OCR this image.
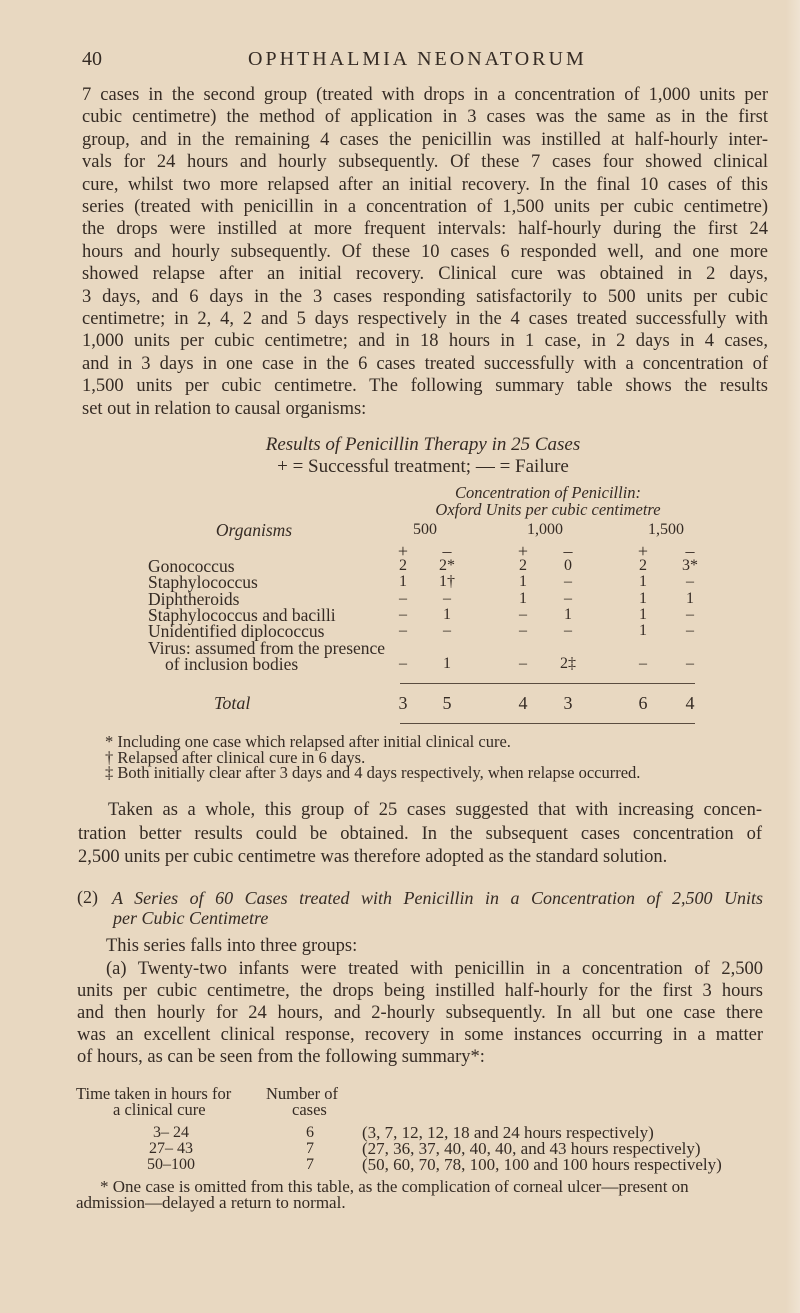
40	OPHTHALMIA NEONATORUM
7 cases in the second group (treated with drops in a concentration of 1,000 units per
cubic centimetre) the method of application in 3 cases was the same as in the first
group, and in the remaining 4 cases the penicillin was instilled at half-hourly inter-
vals for 24 hours and hourly subsequently. Of these 7 cases four showed clinical
cure, whilst two more relapsed after an initial recovery. In the final 10 cases of this
series (treated with penicillin in a concentration of 1,500 units per cubic centimetre)
the drops were instilled at more frequent intervals: half-hourly during the first 24
hours and hourly subsequently. Of these 10 cases 6 responded well, and one more
showed relapse after an initial recovery. Clinical cure was obtained in 2 days,
3 days, and 6 days in the 3 cases responding satisfactorily to 500 units per cubic
centimetre; in 2, 4, 2 and 5 days respectively in the 4 cases treated successfully with
1,000 units per cubic centimetre; and in 18 hours in 1 case, in 2 days in 4 cases,
and in 3 days in one case in the 6 cases treated successfully with a concentration of
1,500 units per cubic centimetre. The following summary table shows the results
set out in relation to causal organisms:
Results of Penicillin Therapy in 25 Cases
+ = Successful treatment; — = Failure
Concentration of Penicillin:
Oxford Units per cubic centimetre
Organisms	500	1,000	1,500
+	–	+	–	+	–
Gonococcus	2	2*	2	0	2	3*
Staphylococcus	1	1†	1	–	1	–
Diphtheroids	–	–	1	–	1	1
Staphylococcus and bacilli	–	1	–	1	1	–
Unidentified diplococcus	–	–	–	–	1	–
Virus: assumed from the presence
of inclusion bodies	–	1	–	2‡	–	–
Total	3	5	4	3	6	4
* Including one case which relapsed after initial clinical cure.
† Relapsed after clinical cure in 6 days.
‡ Both initially clear after 3 days and 4 days respectively, when relapse occurred.
Taken as a whole, this group of 25 cases suggested that with increasing concen-
tration better results could be obtained. In the subsequent cases concentration of
2,500 units per cubic centimetre was therefore adopted as the standard solution.
(2) A Series of 60 Cases treated with Penicillin in a Concentration of 2,500 Units
per Cubic Centimetre
This series falls into three groups:
(a) Twenty-two infants were treated with penicillin in a concentration of 2,500
units per cubic centimetre, the drops being instilled half-hourly for the first 3 hours
and then hourly for 24 hours, and 2-hourly subsequently. In all but one case there
was an excellent clinical response, recovery in some instances occurring in a matter
of hours, as can be seen from the following summary*:
Time taken in hours for
a clinical cure
Number of
cases
3– 24	6	(3, 7, 12, 12, 18 and 24 hours respectively)
27– 43	7	(27, 36, 37, 40, 40, 40, and 43 hours respectively)
50–100	7	(50, 60, 70, 78, 100, 100 and 100 hours respectively)
* One case is omitted from this table, as the complication of corneal ulcer—present on
admission—delayed a return to normal.
